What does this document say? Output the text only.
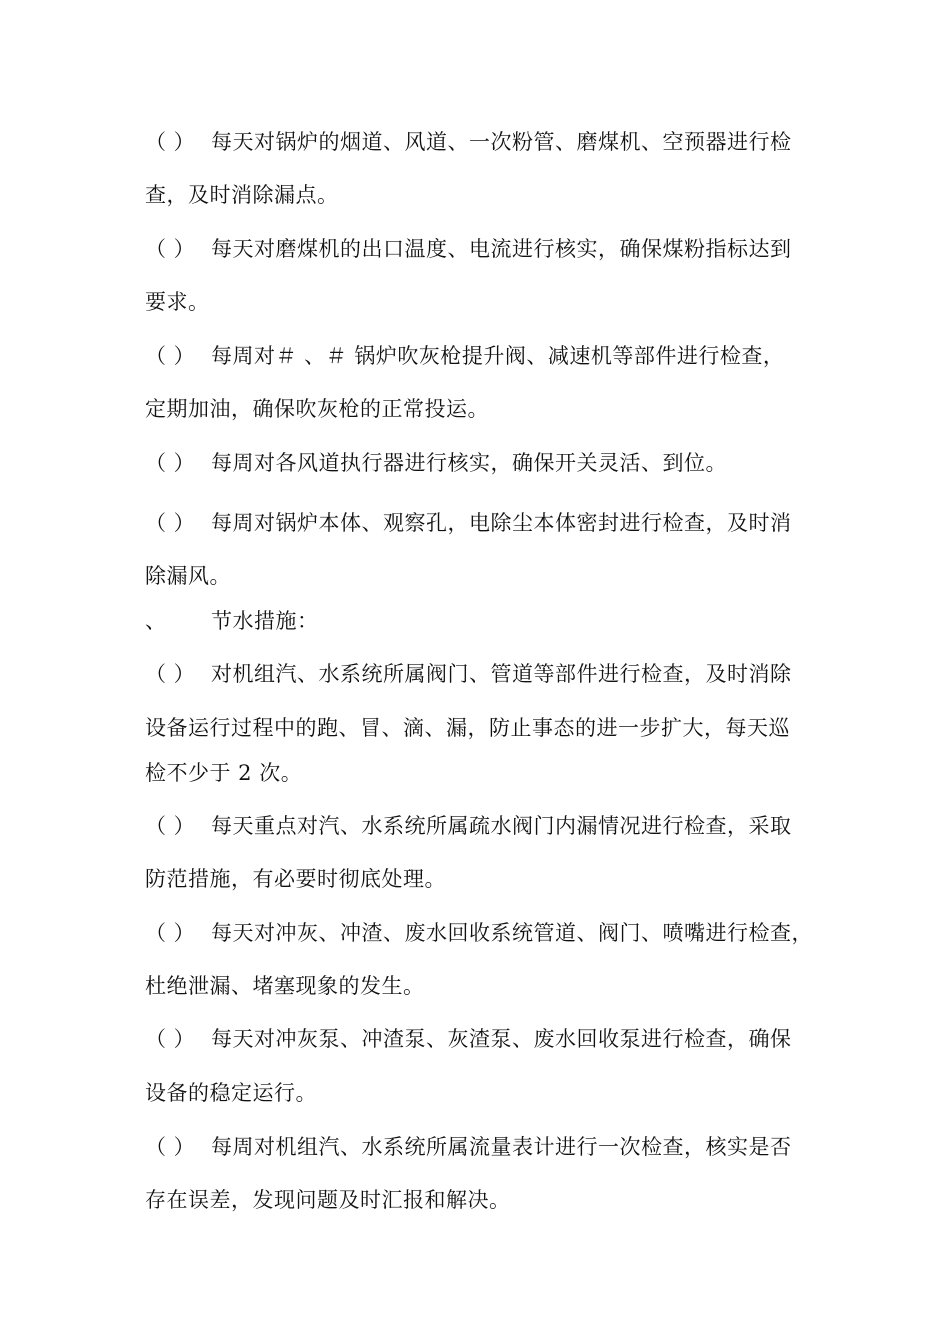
（ ） 每天对锅炉的烟道、风道、一次粉管、磨煤机、空预器进行检
查，及时消除漏点。
（ ） 每天对磨煤机的出口温度、电流进行核实，确保煤粉指标达到
要求。
（ ） 每周对＃ 、＃ 锅炉吹灰枪提升阀、减速机等部件进行检查，
定期加油，确保吹灰枪的正常投运。
（ ） 每周对各风道执行器进行核实，确保开关灵活、到位。
（ ） 每周对锅炉本体、观察孔，电除尘本体密封进行检查，及时消
除漏风。
、 节水措施：
（ ） 对机组汽、水系统所属阀门、管道等部件进行检查，及时消除
设备运行过程中的跑、冒、滴、漏，防止事态的进一步扩大，每天巡
检不少于 2 次。
（ ） 每天重点对汽、水系统所属疏水阀门内漏情况进行检查，采取
防范措施，有必要时彻底处理。
（ ） 每天对冲灰、冲渣、废水回收系统管道、阀门、喷嘴进行检查，
杜绝泄漏、堵塞现象的发生。
（ ） 每天对冲灰泵、冲渣泵、灰渣泵、废水回收泵进行检查，确保
设备的稳定运行。
（ ） 每周对机组汽、水系统所属流量表计进行一次检查，核实是否
存在误差，发现问题及时汇报和解决。
